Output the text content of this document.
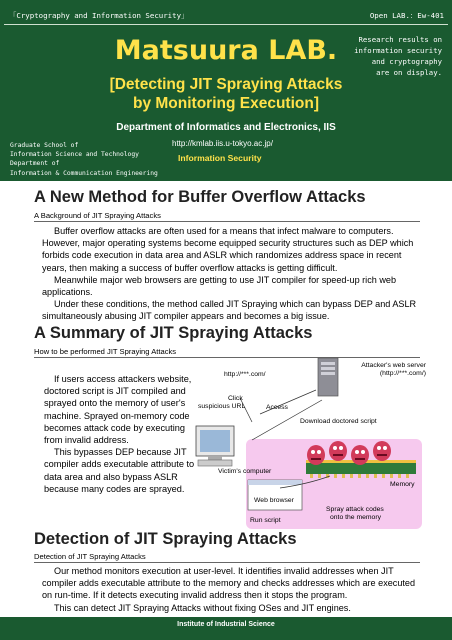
「Cryptography and Information Security」	Open LAB.：Ew-401
Research results on
information security
and cryptography
are on display.
Matsuura LAB.
[Detecting JIT Spraying Attacks
by Monitoring Execution]
Department of Informatics and Electronics, IIS
Graduate School of
Information Science and Technology
Department of
Information & Communication Engineering
http://kmlab.iis.u-tokyo.ac.jp/
Information Security
A New Method for Buffer Overflow Attacks
A Background of JIT Spraying Attacks

Buffer overflow attacks are often used for a means that infect malware to computers. However, major operating systems become equipped security structures such as DEP which forbids code execution in data area and ASLR which randomizes address space in recent years, then making a success of buffer overflow attacks is getting difficult.

Meanwhile major web browsers are getting to use JIT compiler for speed-up rich web applications.

Under these conditions, the method called JIT Spraying which can bypass DEP and ASLR simultaneously abusing JIT compiler appears and becomes a big issue.

A Summary of JIT Spraying Attacks
How to be performed JIT Spraying Attacks

If users access attackers website, doctored script is JIT compiled and sprayed onto the memory of user's machine. Sprayed on-memory code becomes attack code by executing from invalid address.

This bypasses DEP because JIT compiler adds executable attribute to data area and also bypass ASLR because many codes are sprayed.

http://***.com/
Attacker's web server
(http://***.com/)
Click
suspicious URL	Access
Download doctored script
Victim's computer
Memory
Web browser
Run script
Spray attack codes
onto the memory
Detection of JIT Spraying Attacks
Detection of JIT Spraying Attacks

Our method monitors execution at user-level. It identifies invalid addresses when JIT compiler adds executable attribute to the memory and checks addresses which are executed on run-time. If it detects executing invalid address then it stops the program.

This can detect JIT Spraying Attacks without fixing OSes and JIT engines.

Institute of Industrial Science
